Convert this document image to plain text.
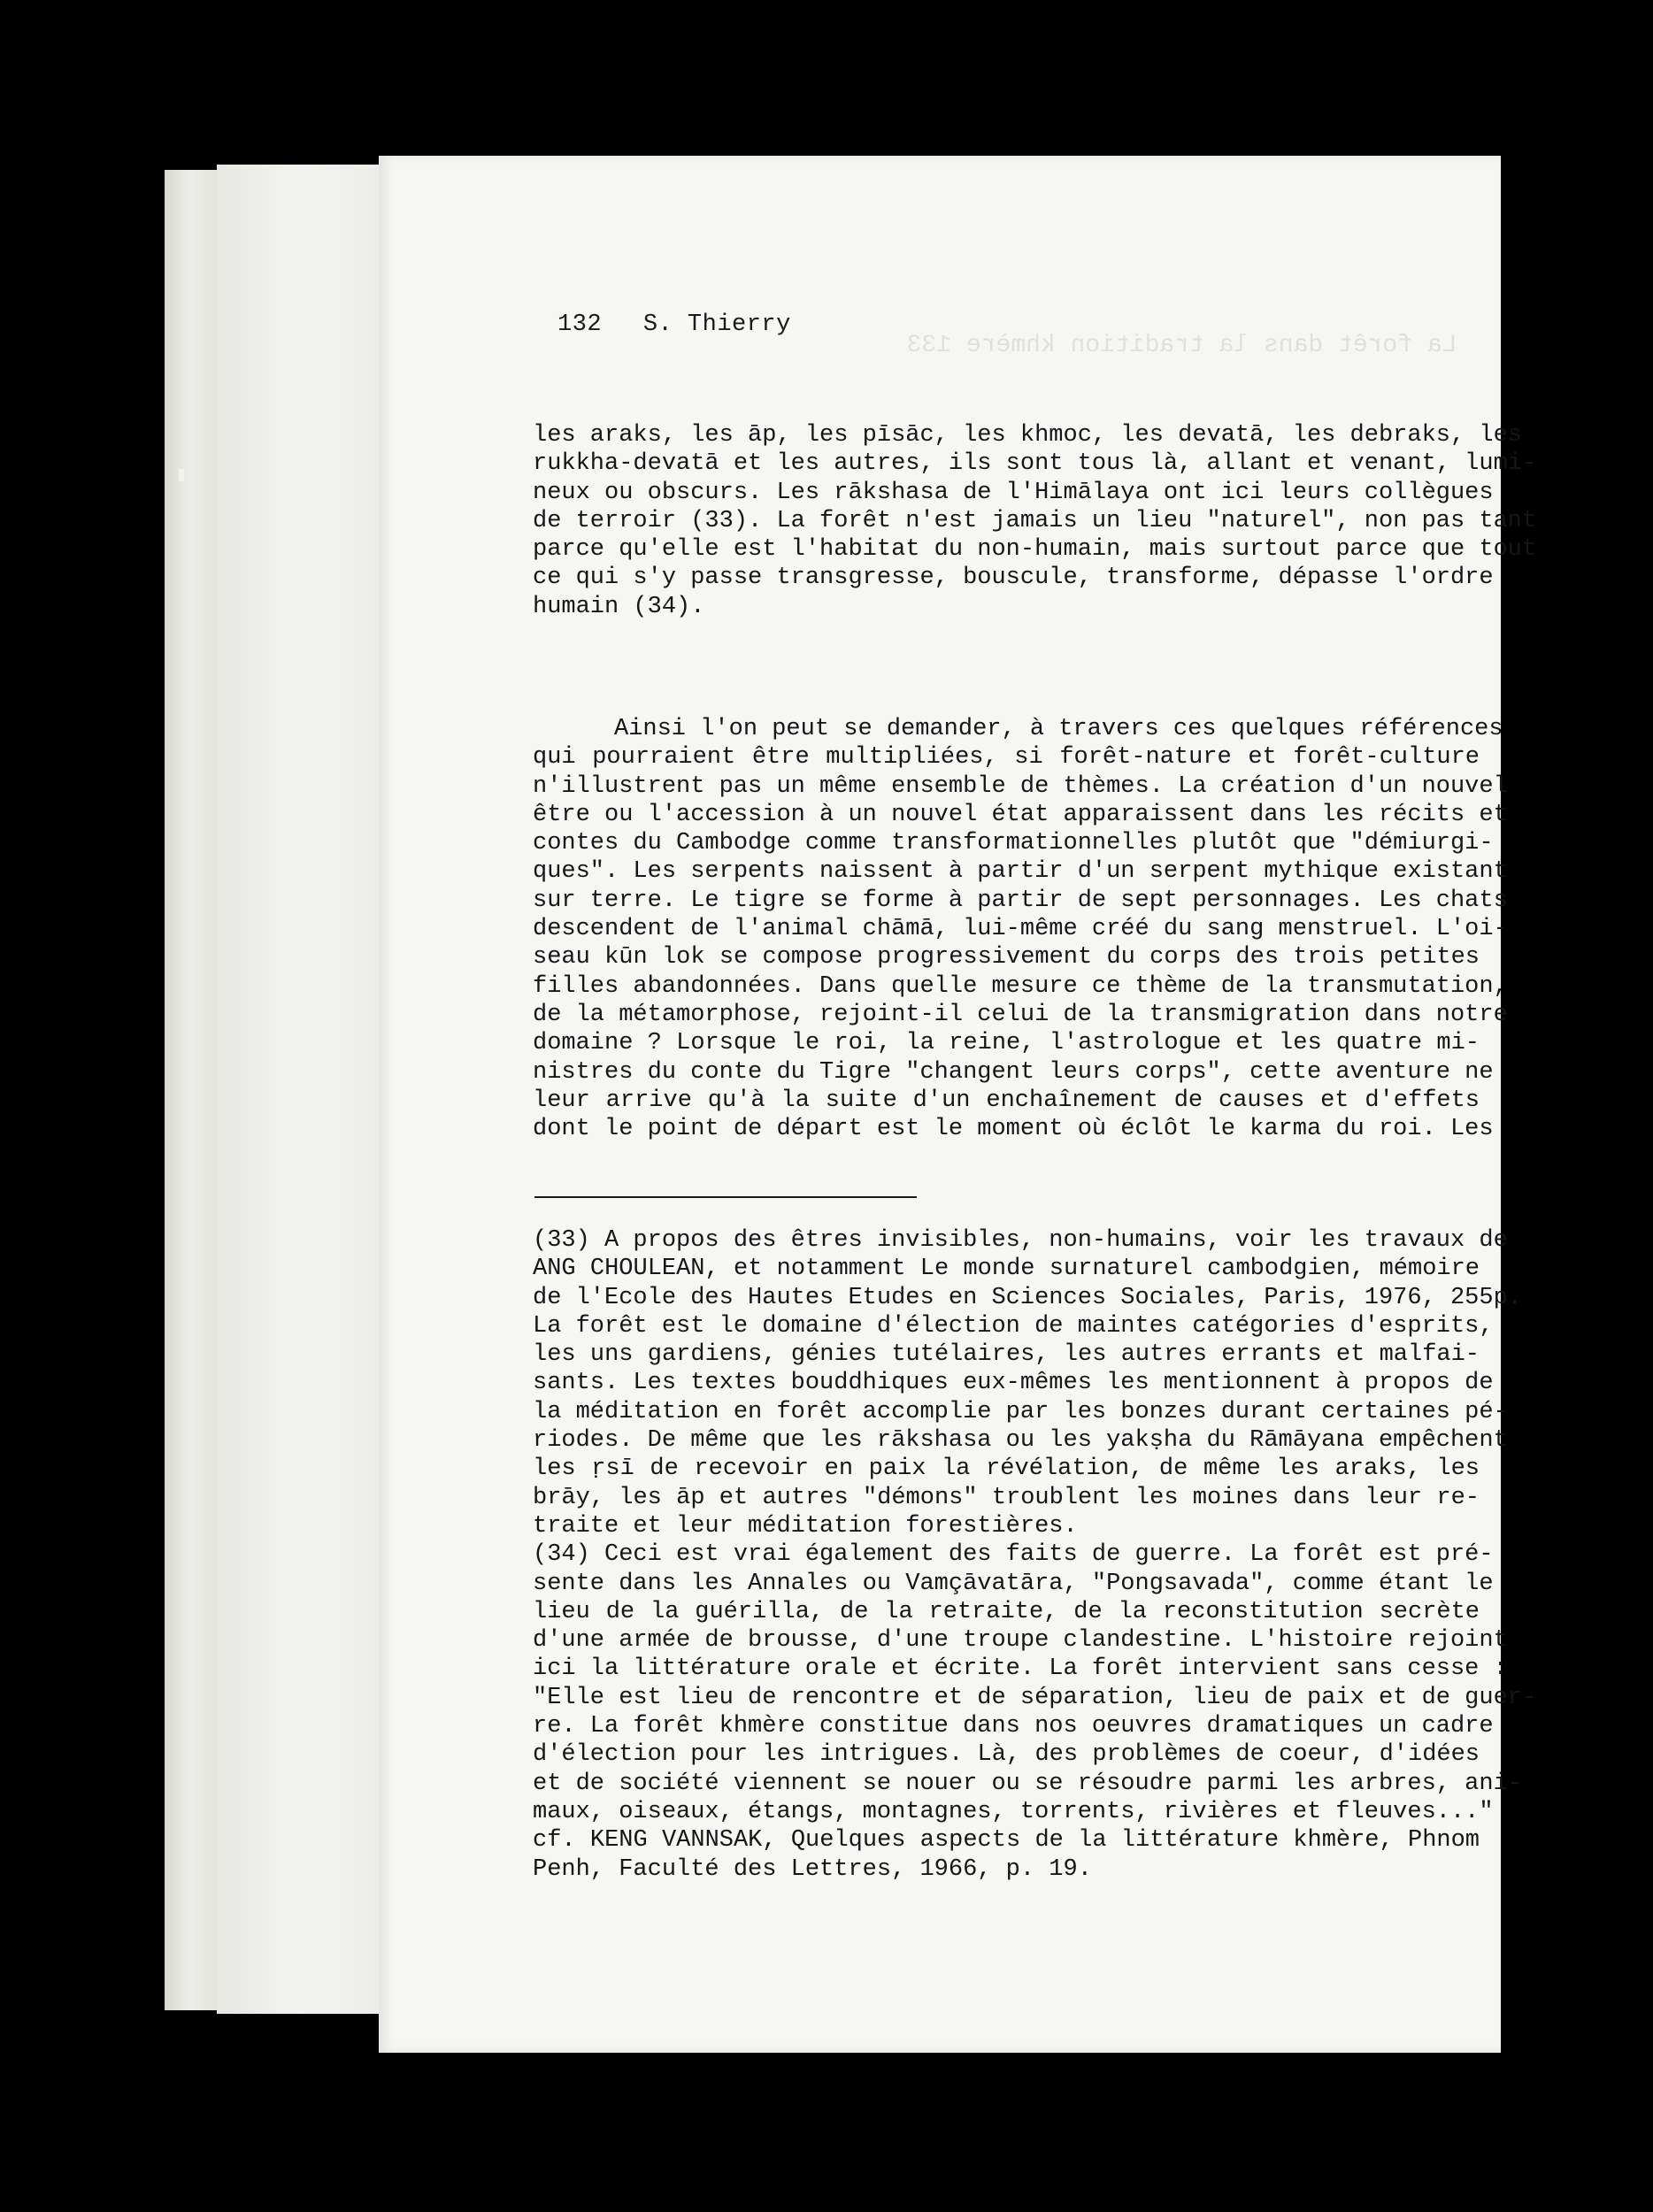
La forêt dans la tradition khmère 133

132 S. Thierry
les araks, les āp, les pīsāc, les khmoc, les devatā, les debraks, les
rukkha-devatā et les autres, ils sont tous là, allant et venant, lumi-
neux ou obscurs. Les rākshasa de l'Himālaya ont ici leurs collègues
de terroir (33). La forêt n'est jamais un lieu "naturel", non pas tant
parce qu'elle est l'habitat du non-humain, mais surtout parce que tout
ce qui s'y passe transgresse, bouscule, transforme, dépasse l'ordre
humain (34).
Ainsi l'on peut se demander, à travers ces quelques références
qui pourraient être multipliées, si forêt-nature et forêt-culture
n'illustrent pas un même ensemble de thèmes. La création d'un nouvel
être ou l'accession à un nouvel état apparaissent dans les récits et
contes du Cambodge comme transformationnelles plutôt que "démiurgi-
ques". Les serpents naissent à partir d'un serpent mythique existant
sur terre. Le tigre se forme à partir de sept personnages. Les chats
descendent de l'animal chāmā, lui-même créé du sang menstruel. L'oi-
seau kūn lok se compose progressivement du corps des trois petites
filles abandonnées. Dans quelle mesure ce thème de la transmutation,
de la métamorphose, rejoint-il celui de la transmigration dans notre
domaine ? Lorsque le roi, la reine, l'astrologue et les quatre mi-
nistres du conte du Tigre "changent leurs corps", cette aventure ne
leur arrive qu'à la suite d'un enchaînement de causes et d'effets
dont le point de départ est le moment où éclôt le karma du roi. Les
(33) A propos des êtres invisibles, non-humains, voir les travaux de
ANG CHOULEAN, et notamment Le monde surnaturel cambodgien, mémoire
de l'Ecole des Hautes Etudes en Sciences Sociales, Paris, 1976, 255p.
La forêt est le domaine d'élection de maintes catégories d'esprits,
les uns gardiens, génies tutélaires, les autres errants et malfai-
sants. Les textes bouddhiques eux-mêmes les mentionnent à propos de
la méditation en forêt accomplie par les bonzes durant certaines pé-
riodes. De même que les rākshasa ou les yakṣha du Rāmāyana empêchent
les ṛsī de recevoir en paix la révélation, de même les araks, les
brāy, les āp et autres "démons" troublent les moines dans leur re-
traite et leur méditation forestières.
(34) Ceci est vrai également des faits de guerre. La forêt est pré-
sente dans les Annales ou Vamçāvatāra, "Pongsavada", comme étant le
lieu de la guérilla, de la retraite, de la reconstitution secrète
d'une armée de brousse, d'une troupe clandestine. L'histoire rejoint
ici la littérature orale et écrite. La forêt intervient sans cesse :
"Elle est lieu de rencontre et de séparation, lieu de paix et de guer-
re. La forêt khmère constitue dans nos oeuvres dramatiques un cadre
d'élection pour les intrigues. Là, des problèmes de coeur, d'idées
et de société viennent se nouer ou se résoudre parmi les arbres, ani-
maux, oiseaux, étangs, montagnes, torrents, rivières et fleuves..."
cf. KENG VANNSAK, Quelques aspects de la littérature khmère, Phnom
Penh, Faculté des Lettres, 1966, p. 19.
